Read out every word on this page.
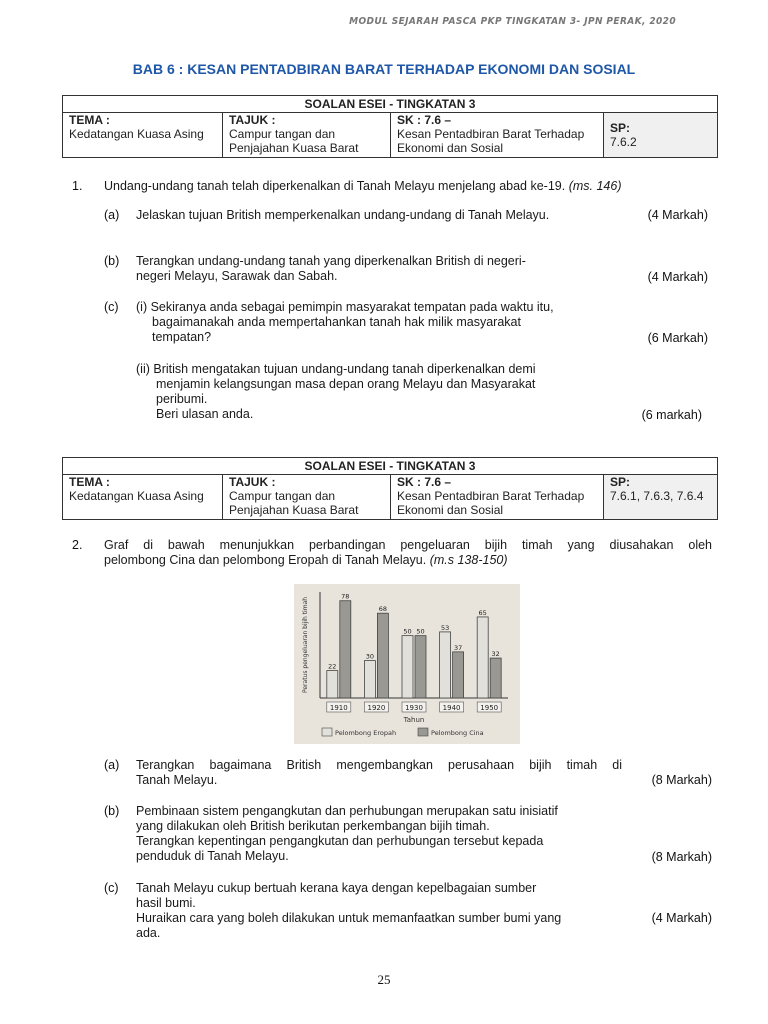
MODUL SEJARAH PASCA PKP TINGKATAN 3- JPN PERAK, 2020
BAB 6 : KESAN PENTADBIRAN BARAT TERHADAP EKONOMI DAN SOSIAL
SOALAN ESEI - TINGKATAN 3

TEMA :
Kedatangan Kuasa Asing

TAJUK :
Campur tangan dan Penjajahan Kuasa Barat

SK : 7.6 –
Kesan Pentadbiran Barat Terhadap Ekonomi dan Sosial

SP:
7.6.2
1. Undang-undang tanah telah diperkenalkan di Tanah Melayu menjelang abad ke-19. (ms. 146)
(a) Jelaskan tujuan British memperkenalkan undang-undang di Tanah Melayu.	(4 Markah)
(b) Terangkan undang-undang tanah yang diperkenalkan British di negeri-
negeri Melayu, Sarawak dan Sabah.	(4 Markah)
(c) (i) Sekiranya anda sebagai pemimpin masyarakat tempatan pada waktu itu,
bagaimanakah anda mempertahankan tanah hak milik masyarakat
tempatan?	(6 Markah)
(ii) British mengatakan tujuan undang-undang tanah diperkenalkan demi
menjamin kelangsungan masa depan orang Melayu dan Masyarakat
peribumi.
Beri ulasan anda.	(6 markah)
SOALAN ESEI - TINGKATAN 3

TEMA :
Kedatangan Kuasa Asing

TAJUK :
Campur tangan dan Penjajahan Kuasa Barat

SK : 7.6 –
Kesan Pentadbiran Barat Terhadap Ekonomi dan Sosial

SP:
7.6.1, 7.6.3, 7.6.4
2. Graf di bawah menunjukkan perbandingan pengeluaran bijih timah yang diusahakan oleh
pelombong Cina dan pelombong Eropah di Tanah Melayu. (m.s 138-150)
Peratus pengeluaran bijih timah	22
78
1910
30
68
1920
50 50
1930
53
37
1940
65
32
1950
Tahun
Pelombong Eropah	Pelombong Cina
(a) Terangkan bagaimana British mengembangkan perusahaan bijih timah di
Tanah Melayu.	(8 Markah)
(b) Pembinaan sistem pengangkutan dan perhubungan merupakan satu inisiatif
yang dilakukan oleh British berikutan perkembangan bijih timah.
Terangkan kepentingan pengangkutan dan perhubungan tersebut kepada
penduduk di Tanah Melayu.	(8 Markah)
(c) Tanah Melayu cukup bertuah kerana kaya dengan kepelbagaian sumber
hasil bumi.
Huraikan cara yang boleh dilakukan untuk memanfaatkan sumber bumi yang
ada.
(4 Markah)
25
